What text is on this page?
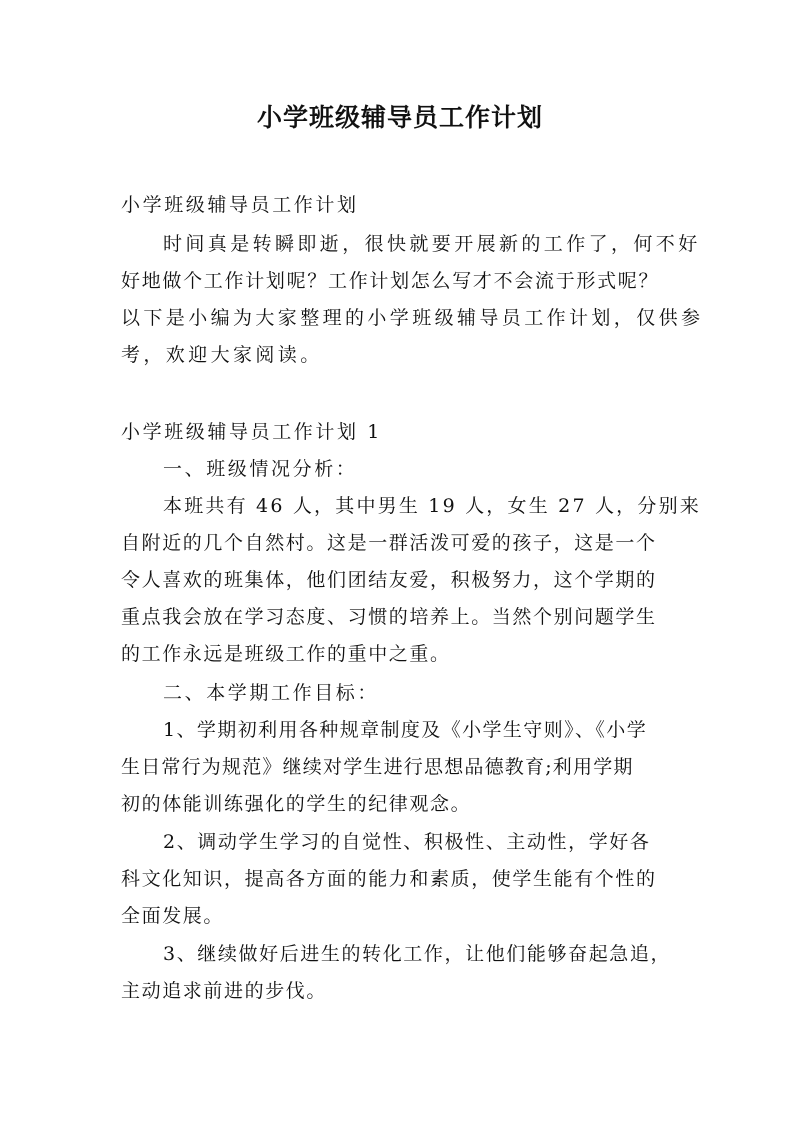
小学班级辅导员工作计划
小学班级辅导员工作计划
时间真是转瞬即逝，很快就要开展新的工作了，何不好
好地做个工作计划呢？工作计划怎么写才不会流于形式呢？
以下是小编为大家整理的小学班级辅导员工作计划，仅供参
考，欢迎大家阅读。
小学班级辅导员工作计划 1
一、班级情况分析：
本班共有 46 人，其中男生 19 人，女生 27 人，分别来
自附近的几个自然村。这是一群活泼可爱的孩子，这是一个
令人喜欢的班集体，他们团结友爱，积极努力，这个学期的
重点我会放在学习态度、习惯的培养上。当然个别问题学生
的工作永远是班级工作的重中之重。
二、本学期工作目标：
1、学期初利用各种规章制度及《小学生守则》、《小学
生日常行为规范》继续对学生进行思想品德教育;利用学期
初的体能训练强化的学生的纪律观念。
2、调动学生学习的自觉性、积极性、主动性，学好各
科文化知识，提高各方面的能力和素质，使学生能有个性的
全面发展。
3、继续做好后进生的转化工作，让他们能够奋起急追，
主动追求前进的步伐。
